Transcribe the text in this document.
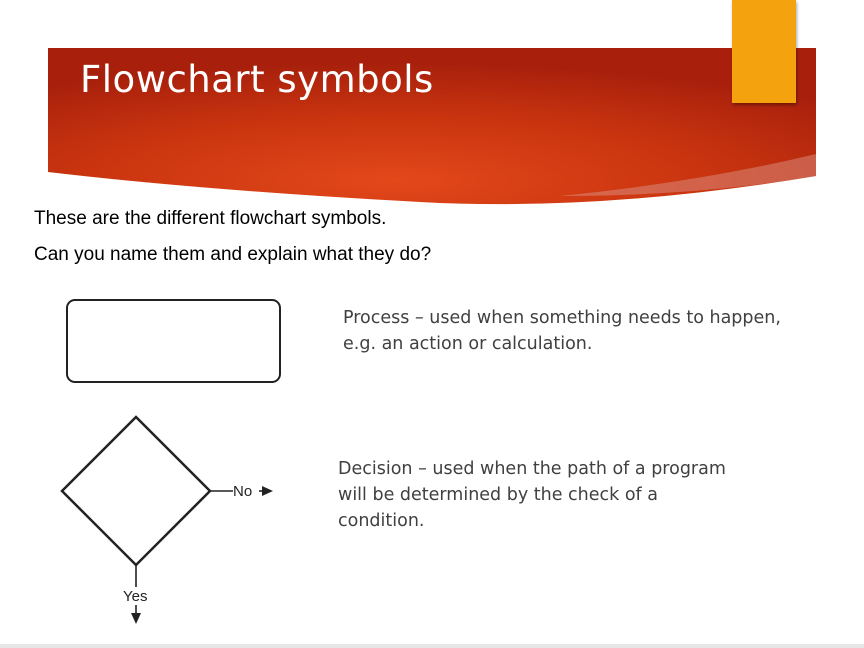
Flowchart symbols
These are the different flowchart symbols.
Can you name them and explain what they do?
Process – used when something needs to happen, e.g. an action or calculation.
No
Yes
Decision – used when the path of a program will be determined by the check of a condition.
